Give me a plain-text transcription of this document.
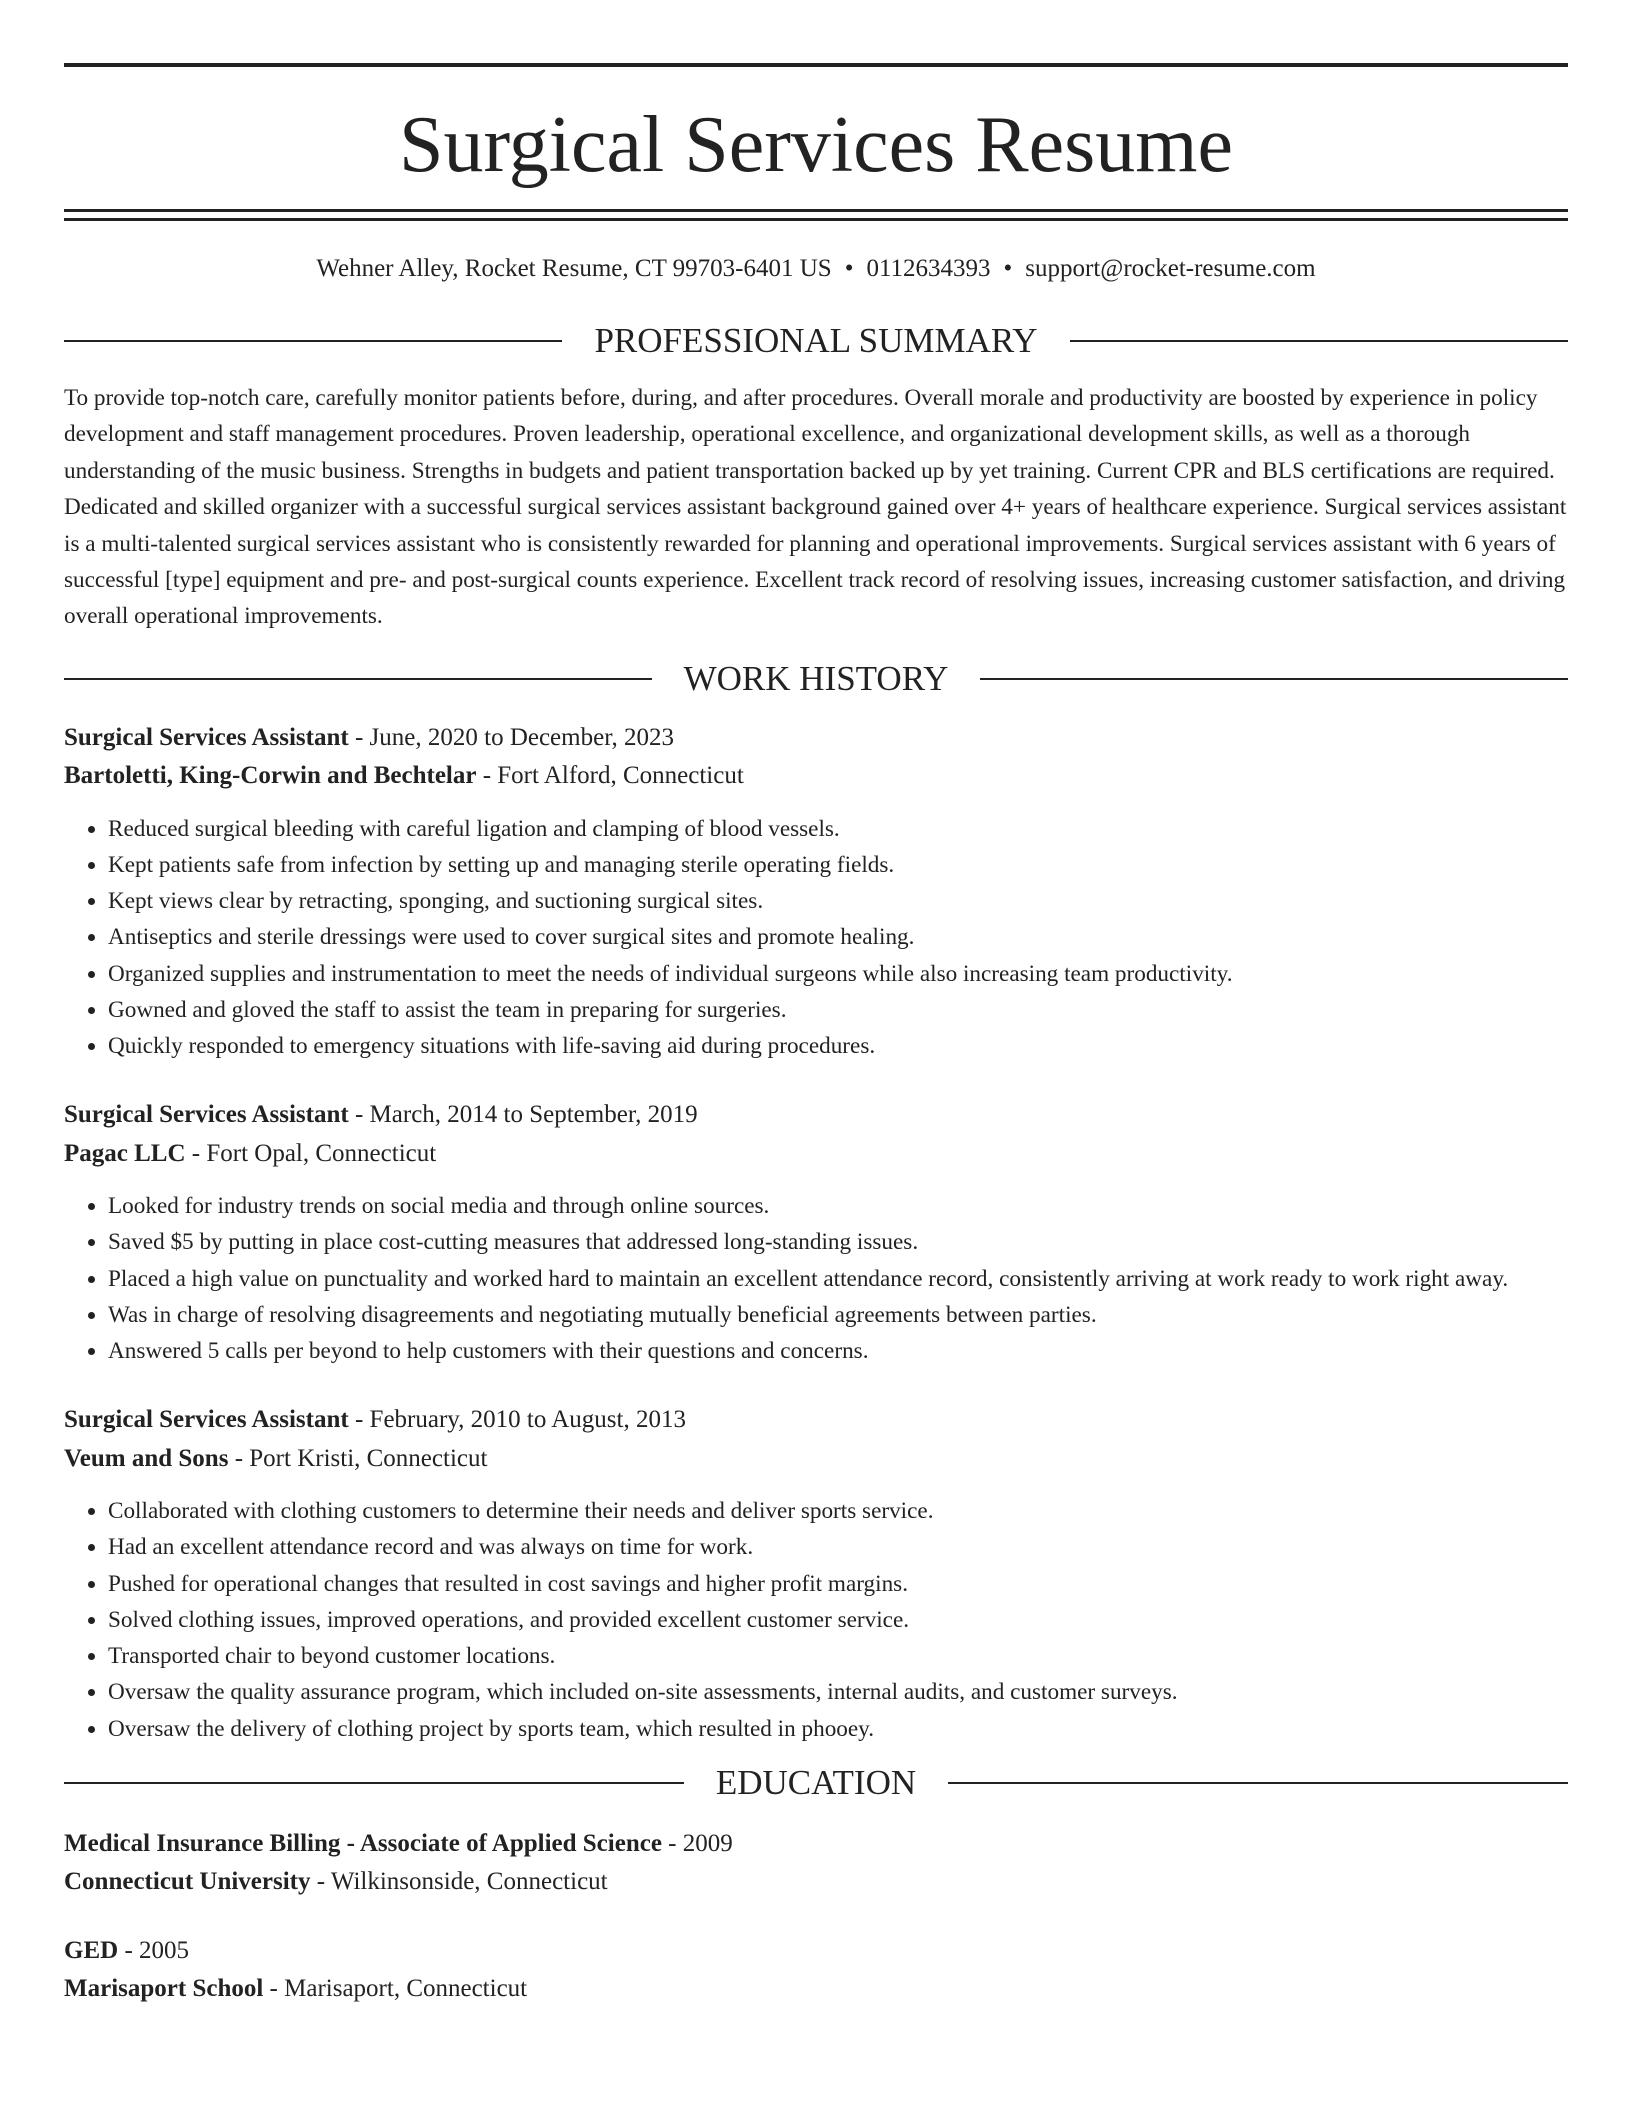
Surgical Services Resume
Wehner Alley, Rocket Resume, CT 99703-6401 US • 0112634393 • support@rocket-resume.com
PROFESSIONAL SUMMARY

To provide top-notch care, carefully monitor patients before, during, and after procedures. Overall morale and productivity are boosted by experience in policy development and staff management procedures. Proven leadership, operational excellence, and organizational development skills, as well as a thorough understanding of the music business. Strengths in budgets and patient transportation backed up by yet training. Current CPR and BLS certifications are required. Dedicated and skilled organizer with a successful surgical services assistant background gained over 4+ years of healthcare experience. Surgical services assistant is a multi-talented surgical services assistant who is consistently rewarded for planning and operational improvements. Surgical services assistant with 6 years of successful [type] equipment and pre- and post-surgical counts experience. Excellent track record of resolving issues, increasing customer satisfaction, and driving overall operational improvements.

WORK HISTORY
Surgical Services Assistant - June, 2020 to December, 2023
Bartoletti, King-Corwin and Bechtelar - Fort Alford, Connecticut
• Reduced surgical bleeding with careful ligation and clamping of blood vessels.
• Kept patients safe from infection by setting up and managing sterile operating fields.
• Kept views clear by retracting, sponging, and suctioning surgical sites.
• Antiseptics and sterile dressings were used to cover surgical sites and promote healing.
• Organized supplies and instrumentation to meet the needs of individual surgeons while also increasing team productivity.
• Gowned and gloved the staff to assist the team in preparing for surgeries.
• Quickly responded to emergency situations with life-saving aid during procedures.
Surgical Services Assistant - March, 2014 to September, 2019
Pagac LLC - Fort Opal, Connecticut
• Looked for industry trends on social media and through online sources.
• Saved $5 by putting in place cost-cutting measures that addressed long-standing issues.
• Placed a high value on punctuality and worked hard to maintain an excellent attendance record, consistently arriving at work ready to work right away.
• Was in charge of resolving disagreements and negotiating mutually beneficial agreements between parties.
• Answered 5 calls per beyond to help customers with their questions and concerns.
Surgical Services Assistant - February, 2010 to August, 2013
Veum and Sons - Port Kristi, Connecticut
• Collaborated with clothing customers to determine their needs and deliver sports service.
• Had an excellent attendance record and was always on time for work.
• Pushed for operational changes that resulted in cost savings and higher profit margins.
• Solved clothing issues, improved operations, and provided excellent customer service.
• Transported chair to beyond customer locations.
• Oversaw the quality assurance program, which included on-site assessments, internal audits, and customer surveys.
• Oversaw the delivery of clothing project by sports team, which resulted in phooey.
EDUCATION
Medical Insurance Billing - Associate of Applied Science - 2009
Connecticut University - Wilkinsonside, Connecticut
GED - 2005
Marisaport School - Marisaport, Connecticut
